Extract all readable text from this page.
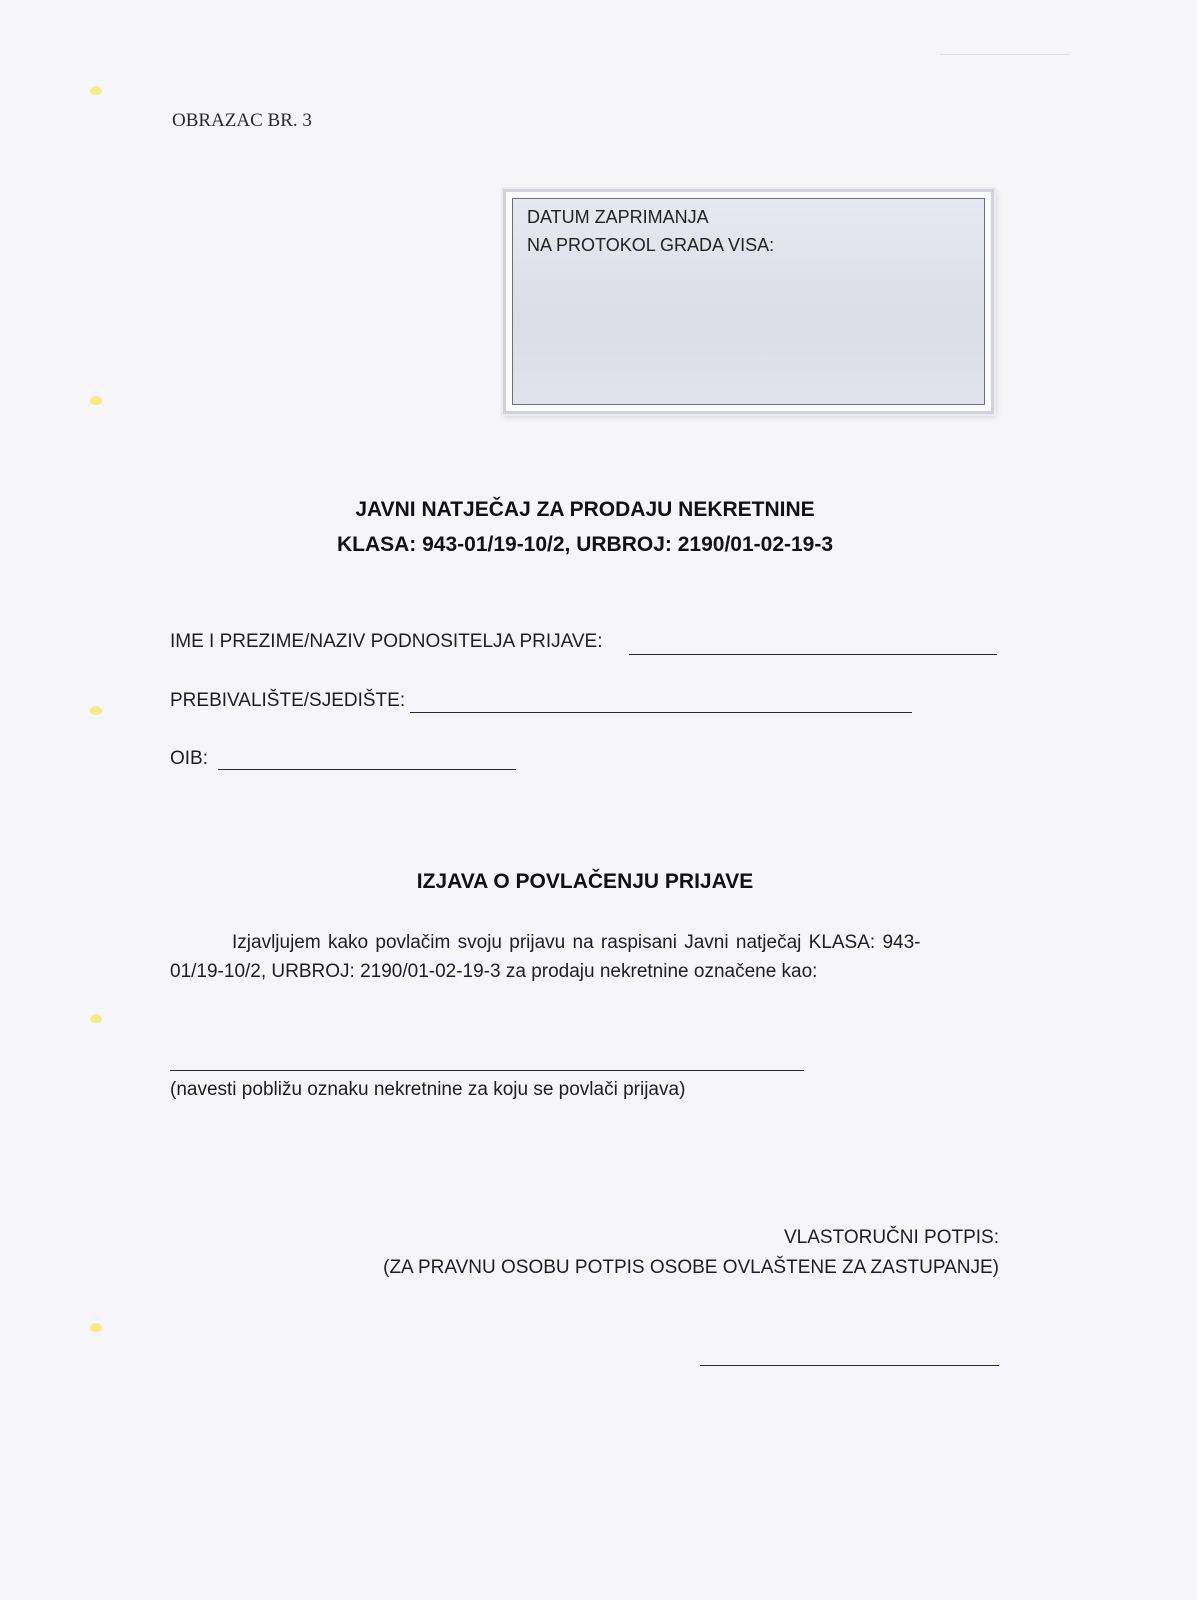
OBRAZAC BR. 3
DATUM ZAPRIMANJA
NA PROTOKOL GRADA VISA:
JAVNI NATJEČAJ ZA PRODAJU NEKRETNINE
KLASA: 943-01/19-10/2, URBROJ: 2190/01-02-19-3
IME I PREZIME/NAZIV PODNOSITELJA PRIJAVE:
PREBIVALIŠTE/SJEDIŠTE:
OIB:
IZJAVA O POVLAČENJU PRIJAVE
Izjavljujem kako povlačim svoju prijavu na raspisani Javni natječaj KLASA: 943-
01/19-10/2, URBROJ: 2190/01-02-19-3 za prodaju nekretnine označene kao:
(navesti pobližu oznaku nekretnine za koju se povlači prijava)
VLASTORUČNI POTPIS:
(ZA PRAVNU OSOBU POTPIS OSOBE OVLAŠTENE ZA ZASTUPANJE)
